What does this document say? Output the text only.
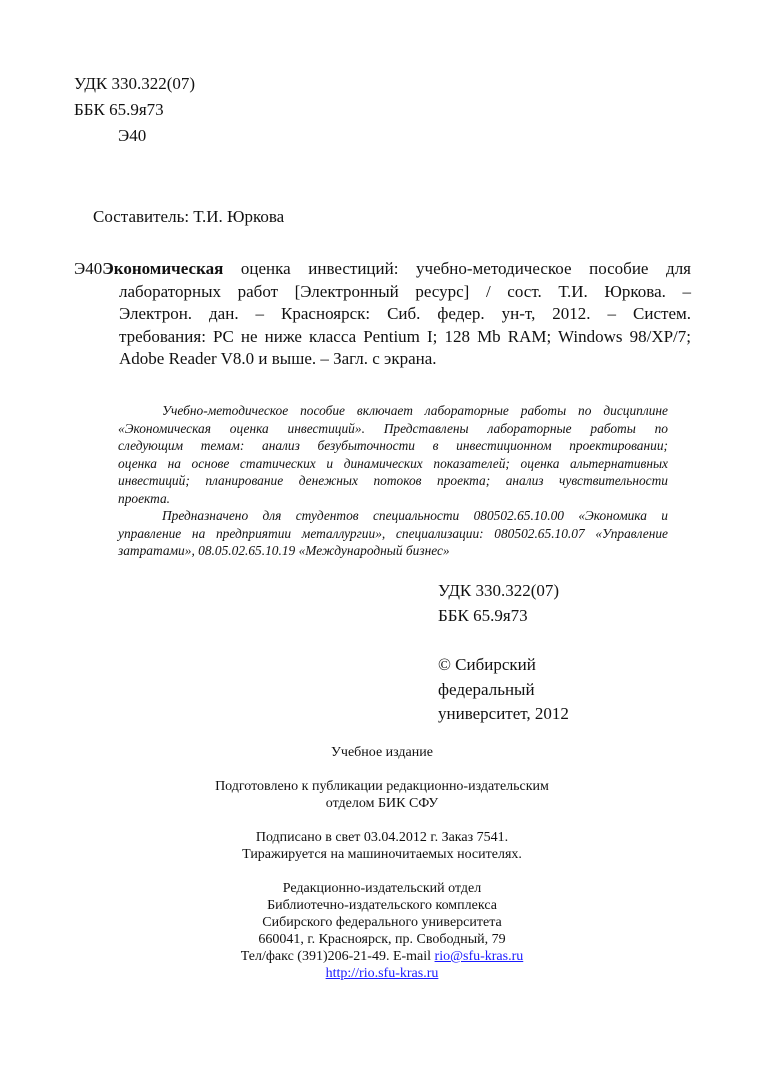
УДК 330.322(07)
ББК 65.9я73
Э40
Составитель: Т.И. Юркова
Э40Экономическая оценка инвестиций: учебно-методическое пособие для
лабораторных работ [Электронный ресурс] / сост. Т.И. Юркова. –
Электрон. дан. – Красноярск: Сиб. федер. ун-т, 2012. – Систем.
требования: PC не ниже класса Pentium I; 128 Mb RAM; Windows 98/XP/7;
Adobe Reader V8.0 и выше. – Загл. с экрана.
Учебно-методическое пособие включает лабораторные работы по дисциплине
«Экономическая оценка инвестиций». Представлены лабораторные работы по
следующим темам: анализ безубыточности в инвестиционном проектировании;
оценка на основе статических и динамических показателей; оценка альтернативных
инвестиций; планирование денежных потоков проекта; анализ чувствительности
проекта.
Предназначено для студентов специальности 080502.65.10.00 «Экономика и
управление на предприятии металлургии», специализации: 080502.65.10.07 «Управление
затратами», 08.05.02.65.10.19 «Международный бизнес»
УДК 330.322(07)
ББК 65.9я73
© Сибирский
федеральный
университет, 2012
Учебное издание
Подготовлено к публикации редакционно-издательским
отделом БИК СФУ
Подписано в свет 03.04.2012 г. Заказ 7541.
Тиражируется на машиночитаемых носителях.
Редакционно-издательский отдел
Библиотечно-издательского комплекса
Сибирского федерального университета
660041, г. Красноярск, пр. Свободный, 79
Тел/факс (391)206-21-49. E-mail rio@sfu-kras.ru
http://rio.sfu-kras.ru
